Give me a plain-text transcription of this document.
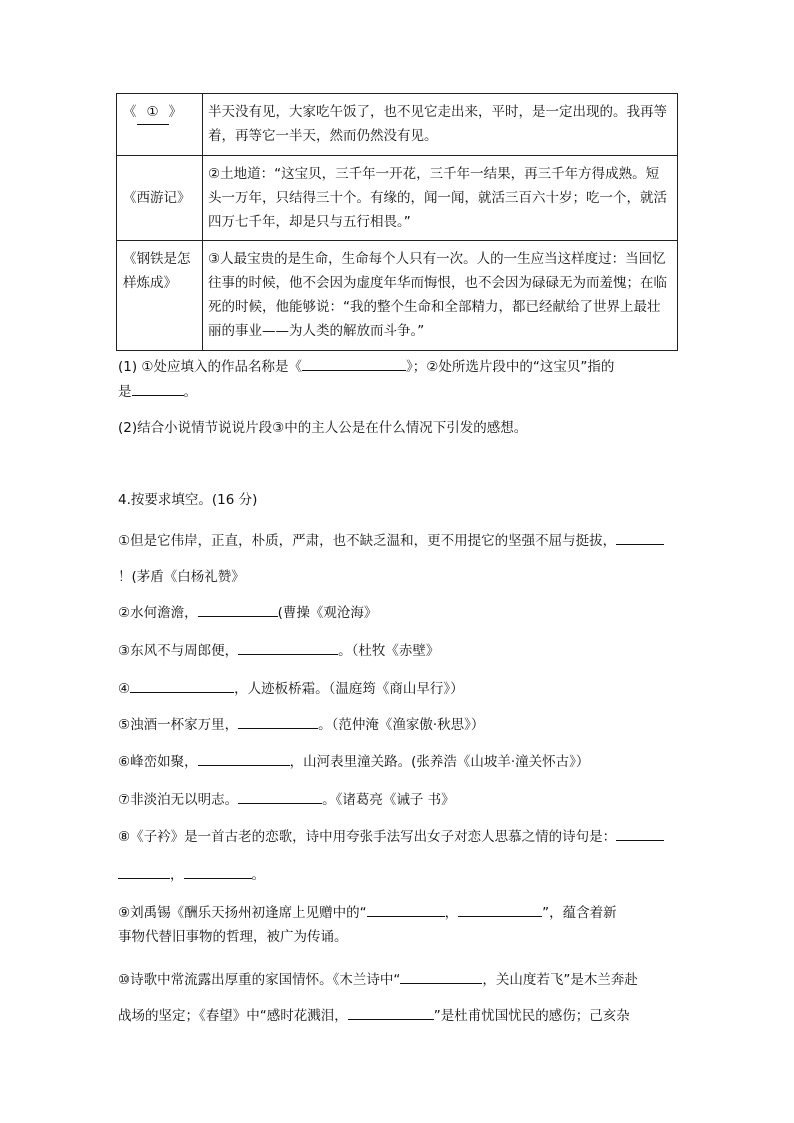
《 ① 》	半天没有见，大家吃午饭了，也不见它走出来，平时，是一定出现的。我再等着，再等它一半天，然而仍然没有见。
《西游记》	②土地道：“这宝贝，三千年一开花，三千年一结果，再三千年方得成熟。短头一万年，只结得三十个。有缘的，闻一闻，就活三百六十岁；吃一个，就活四万七千年，却是只与五行相畏。”
《钢铁是怎样炼成》	③人最宝贵的是生命，生命每个人只有一次。人的一生应当这样度过：当回忆往事的时候，他不会因为虚度年华而悔恨，也不会因为碌碌无为而羞愧；在临死的时候，他能够说：“我的整个生命和全部精力，都已经献给了世界上最壮丽的事业——为人类的解放而斗争。”
(1) ①处应填入的作品名称是《	》；②处所选片段中的“这宝贝”指的
是	。
(2)结合小说情节说说片段③中的主人公是在什么情况下引发的感想。
4.按要求填空。(16 分)
①但是它伟岸，正直，朴质，严肃，也不缺乏温和，更不用提它的坚强不屈与挺拔，
！(茅盾《白杨礼赞》
②水何澹澹，	(曹操《观沧海》
③东风不与周郎便，	。（杜牧《赤壁》
④	，人迹板桥霜。（温庭筠《商山早行》）
⑤浊酒一杯家万里，	。（范仲淹《渔家傲·秋思》）
⑥峰峦如聚，	，山河表里潼关路。(张养浩《山坡羊·潼关怀古》）
⑦非淡泊无以明志。	。《诸葛亮《诫子 书》
⑧《子衿》是一首古老的恋歌，诗中用夸张手法写出女子对恋人思慕之情的诗句是：
，	。
⑨刘禹锡《酬乐天扬州初逢席上见赠中的“	，	”，蕴含着新
事物代替旧事物的哲理，被广为传诵。
⑩诗歌中常流露出厚重的家国情怀。《木兰诗中“	，关山度若飞”是木兰奔赴
战场的坚定；《春望》中“感时花溅泪，	”是杜甫忧国忧民的感伤；己亥杂
